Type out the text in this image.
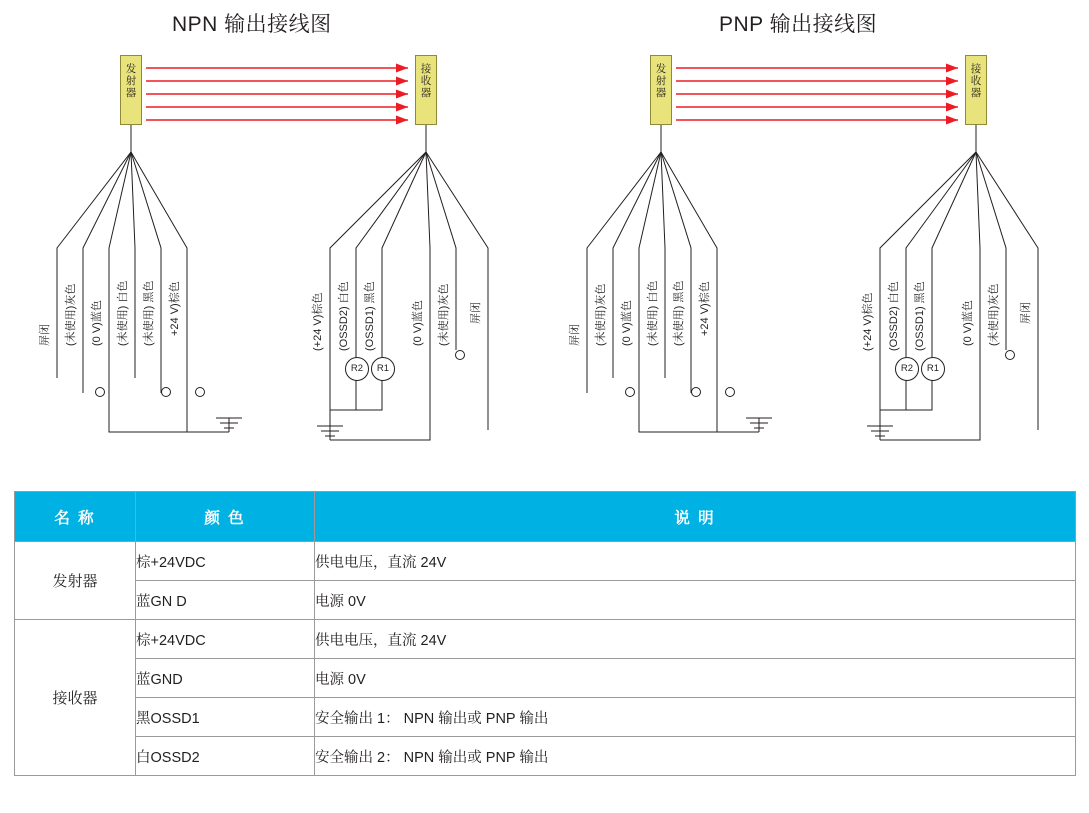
NPN 输出接线图	PNP 输出接线图
发
射
器
接
收
器
发
射
器
接
收
器
R2	R1	R2	R1
屏闭 (未使用)灰色 (0 V)蓝色 (未使用) 白色 (未使用) 黑色 +24 V)棕色	(+24 V)棕色 (OSSD2) 白色 (OSSD1) 黑色	(0 V)蓝色 (未使用)灰色 屏闭
屏闭 (未使用)灰色 (0 V)蓝色 (未使用) 白色 (未使用) 黑色 +24 V)棕色	(+24 V)棕色 (OSSD2) 白色 (OSSD1) 黑色	(0 V)蓝色 (未使用)灰色 屏闭
名 称	颜 色	说 明
发射器	棕+24VDC	供电电压，直流 24V
	蓝GN D	电源 0V
接收器	棕+24VDC	供电电压，直流 24V
	蓝GND	电源 0V
	黑OSSD1	安全输出 1： NPN 输出或 PNP 输出
	白OSSD2	安全输出 2： NPN 输出或 PNP 输出
